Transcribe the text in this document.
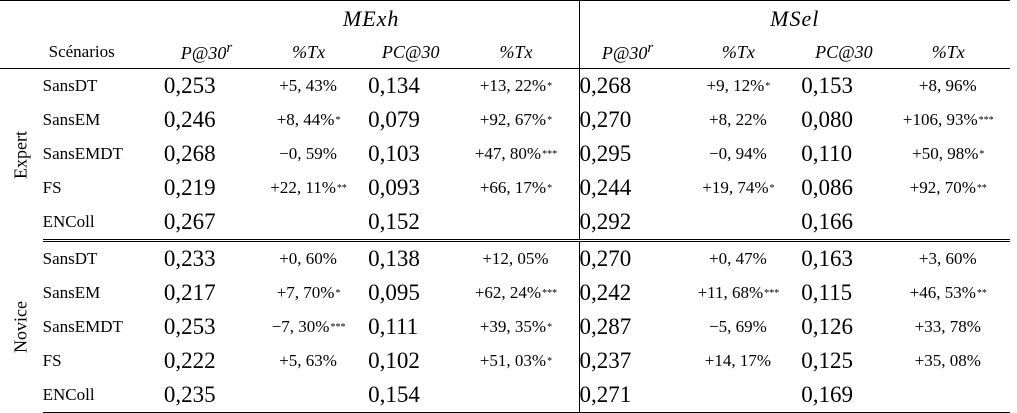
		MExh				MSel			
	Scénarios	P@30$^r$	%Tx	PC@30	%Tx	P@30$^r$	%Tx	PC@30	%Tx

Expert	SansDT	0,253	+5, 43%	0,134	+13, 22%*	0,268	+9, 12%*	0,153	+8, 96%
	SansEM	0,246	+8, 44%*	0,079	+92, 67%*	0,270	+8, 22%	0,080	+106, 93%***
	SansEMDT	0,268	−0, 59%	0,103	+47, 80%***	0,295	−0, 94%	0,110	+50, 98%*
	FS	0,219	+22, 11%**	0,093	+66, 17%*	0,244	+19, 74%*	0,086	+92, 70%**
	ENColl	0,267		0,152		0,292		0,166	

Novice	SansDT	0,233	+0, 60%	0,138	+12, 05%	0,270	+0, 47%	0,163	+3, 60%
	SansEM	0,217	+7, 70%*	0,095	+62, 24%***	0,242	+11, 68%***	0,115	+46, 53%**
	SansEMDT	0,253	−7, 30%***	0,111	+39, 35%*	0,287	−5, 69%	0,126	+33, 78%
	FS	0,222	+5, 63%	0,102	+51, 03%*	0,237	+14, 17%	0,125	+35, 08%
	ENColl	0,235		0,154		0,271		0,169	
